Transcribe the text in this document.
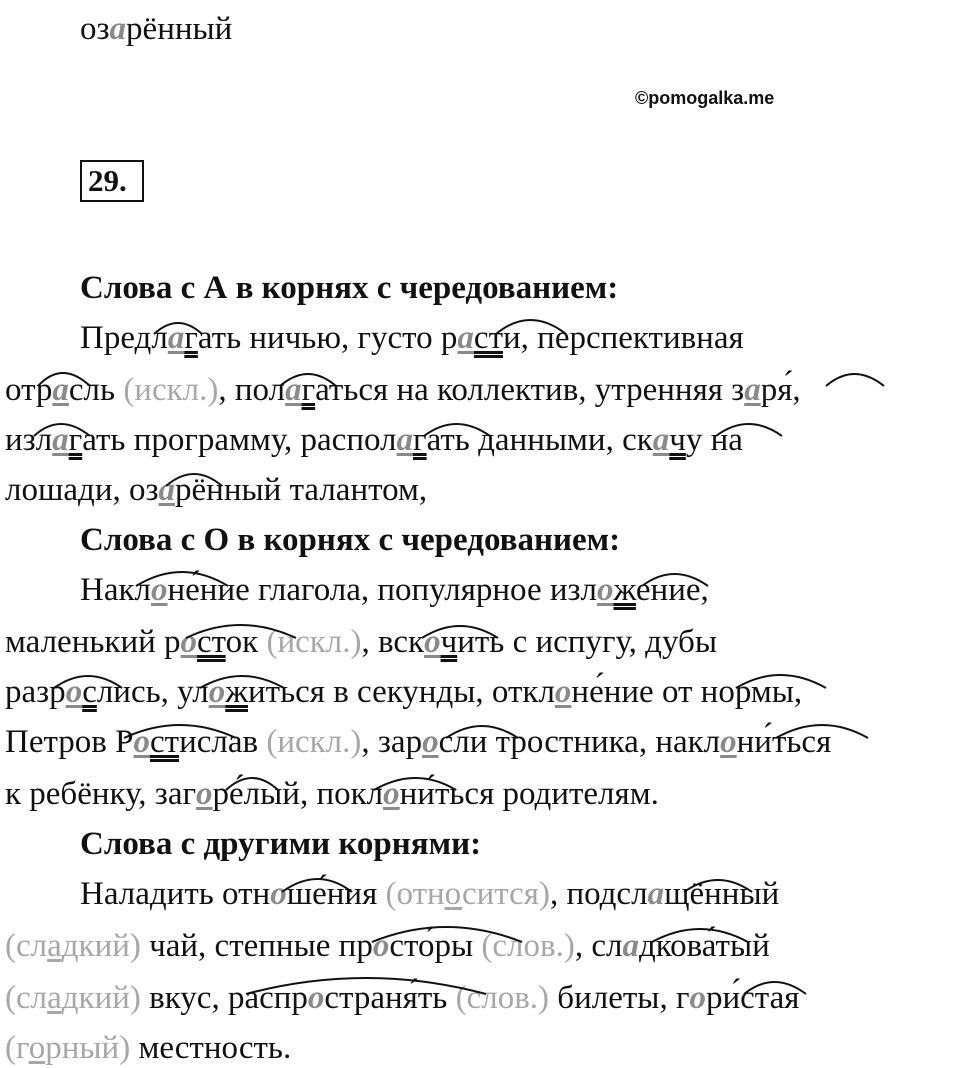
озарённый
©pomogalka.me
29.
Слова с А в корнях с чередованием:
Предлагать ничью, густо расти, перспективная
отрасль (искл.), полагаться на коллектив, утренняя заря́,
излагать программу, располагать данными, скачу на
лошади, озарённый талантом,
Слова с О в корнях с чередованием:
Наклоне́ние глагола, популярное изложение,
маленький росток (искл.), вскочить с испугу, дубы
разрослись, уложиться в секунды, отклоне́ние от нормы,
Петров Ростислав (искл.), заросли тростника, наклони́ться
к ребёнку, загоре́лый, поклони́ться родителям.
Слова с другими корнями:
Наладить отноше́ния (относится), подслащённый
(сладкий) чай, степные просто́ры (слов.), сладкова́тый
(сладкий) вкус, распространя́ть (слов.) билеты, гори́стая
(горный) местность.
